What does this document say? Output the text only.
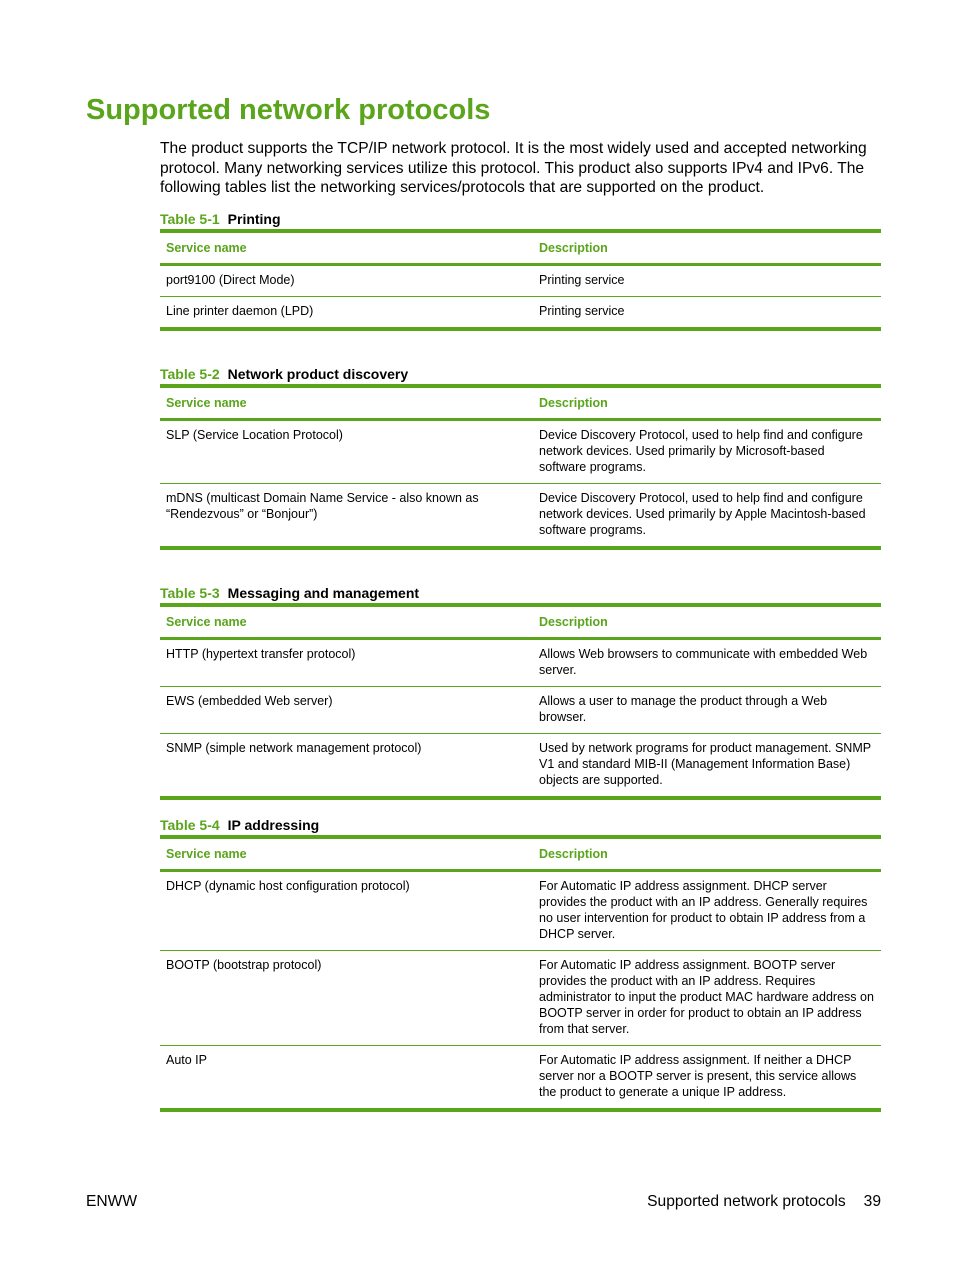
Supported network protocols

The product supports the TCP/IP network protocol. It is the most widely used and accepted networking protocol. Many networking services utilize this protocol. This product also supports IPv4 and IPv6. The following tables list the networking services/protocols that are supported on the product.

Table 5-1 Printing
Service name	Description
port9100 (Direct Mode)	Printing service
Line printer daemon (LPD)	Printing service
Table 5-2 Network product discovery
Service name	Description
SLP (Service Location Protocol)	Device Discovery Protocol, used to help find and configure network devices. Used primarily by Microsoft-based software programs.
mDNS (multicast Domain Name Service - also known as “Rendezvous” or “Bonjour”)	Device Discovery Protocol, used to help find and configure network devices. Used primarily by Apple Macintosh-based software programs.
Table 5-3 Messaging and management
Service name	Description
HTTP (hypertext transfer protocol)	Allows Web browsers to communicate with embedded Web server.
EWS (embedded Web server)	Allows a user to manage the product through a Web browser.
SNMP (simple network management protocol)	Used by network programs for product management. SNMP V1 and standard MIB-II (Management Information Base) objects are supported.
Table 5-4 IP addressing
Service name	Description
DHCP (dynamic host configuration protocol)	For Automatic IP address assignment. DHCP server provides the product with an IP address. Generally requires no user intervention for product to obtain IP address from a DHCP server.
BOOTP (bootstrap protocol)	For Automatic IP address assignment. BOOTP server provides the product with an IP address. Requires administrator to input the product MAC hardware address on BOOTP server in order for product to obtain an IP address from that server.
Auto IP	For Automatic IP address assignment. If neither a DHCP server nor a BOOTP server is present, this service allows the product to generate a unique IP address.
ENWW	Supported network protocols 39
